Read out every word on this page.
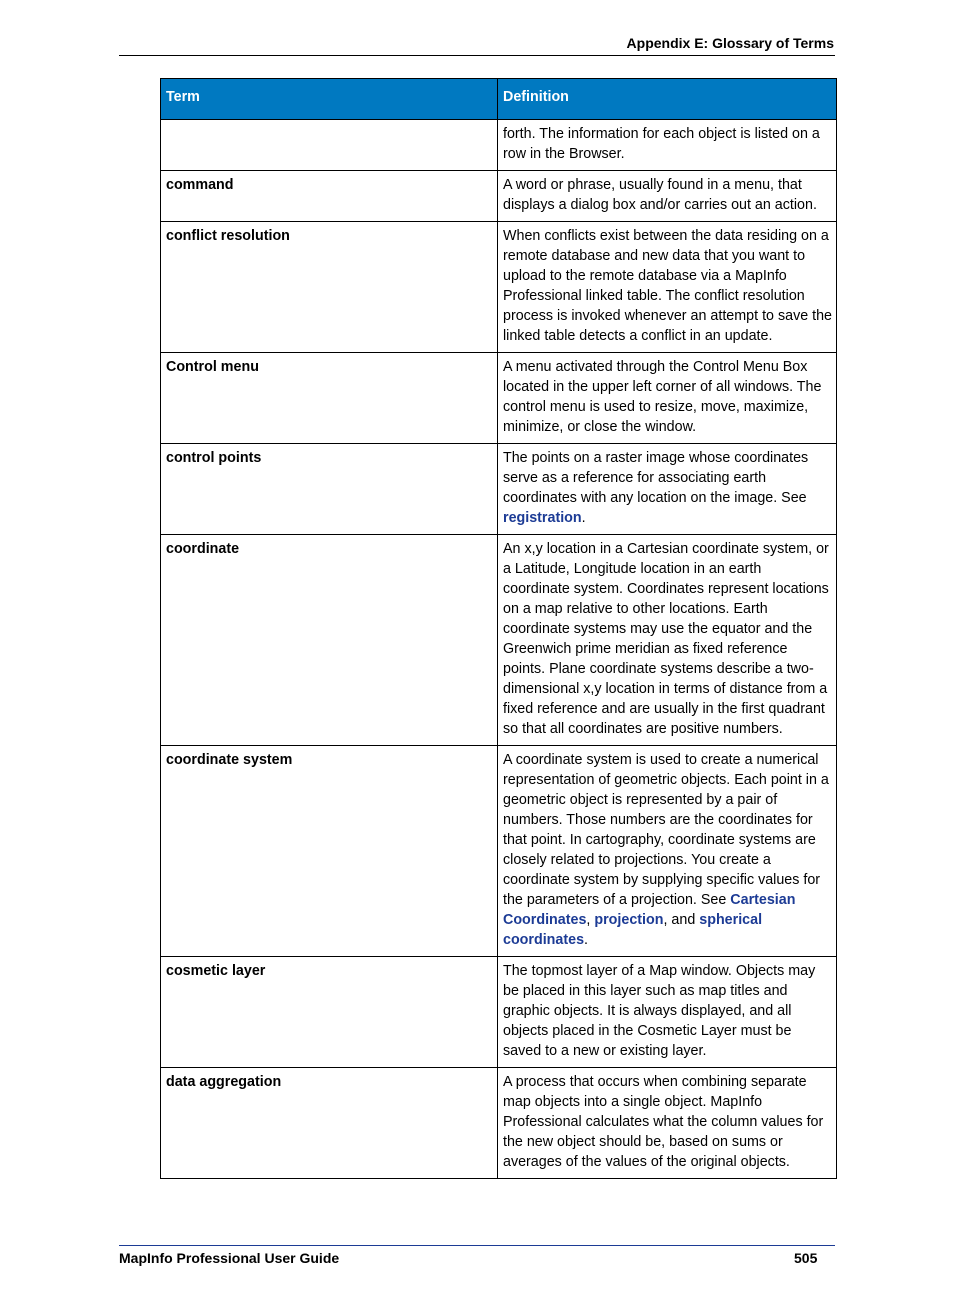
Appendix E: Glossary of Terms
Term	Definition
	forth. The information for each object is listed on a row in the Browser.
command	A word or phrase, usually found in a menu, that displays a dialog box and/or carries out an action.
conflict resolution	When conflicts exist between the data residing on a remote database and new data that you want to upload to the remote database via a MapInfo Professional linked table. The conflict resolution process is invoked whenever an attempt to save the linked table detects a conflict in an update.
Control menu	A menu activated through the Control Menu Box located in the upper left corner of all windows. The control menu is used to resize, move, maximize, minimize, or close the window.
control points	The points on a raster image whose coordinates serve as a reference for associating earth coordinates with any location on the image. See registration.
coordinate	An x,y location in a Cartesian coordinate system, or a Latitude, Longitude location in an earth coordinate system. Coordinates represent locations on a map relative to other locations. Earth coordinate systems may use the equator and the Greenwich prime meridian as fixed reference points. Plane coordinate systems describe a two-dimensional x,y location in terms of distance from a fixed reference and are usually in the first quadrant so that all coordinates are positive numbers.
coordinate system	A coordinate system is used to create a numerical representation of geometric objects. Each point in a geometric object is represented by a pair of numbers. Those numbers are the coordinates for that point. In cartography, coordinate systems are closely related to projections. You create a coordinate system by supplying specific values for the parameters of a projection. See Cartesian Coordinates, projection, and spherical coordinates.
cosmetic layer	The topmost layer of a Map window. Objects may be placed in this layer such as map titles and graphic objects. It is always displayed, and all objects placed in the Cosmetic Layer must be saved to a new or existing layer.
data aggregation	A process that occurs when combining separate map objects into a single object. MapInfo Professional calculates what the column values for the new object should be, based on sums or averages of the values of the original objects.
MapInfo Professional User Guide	505
